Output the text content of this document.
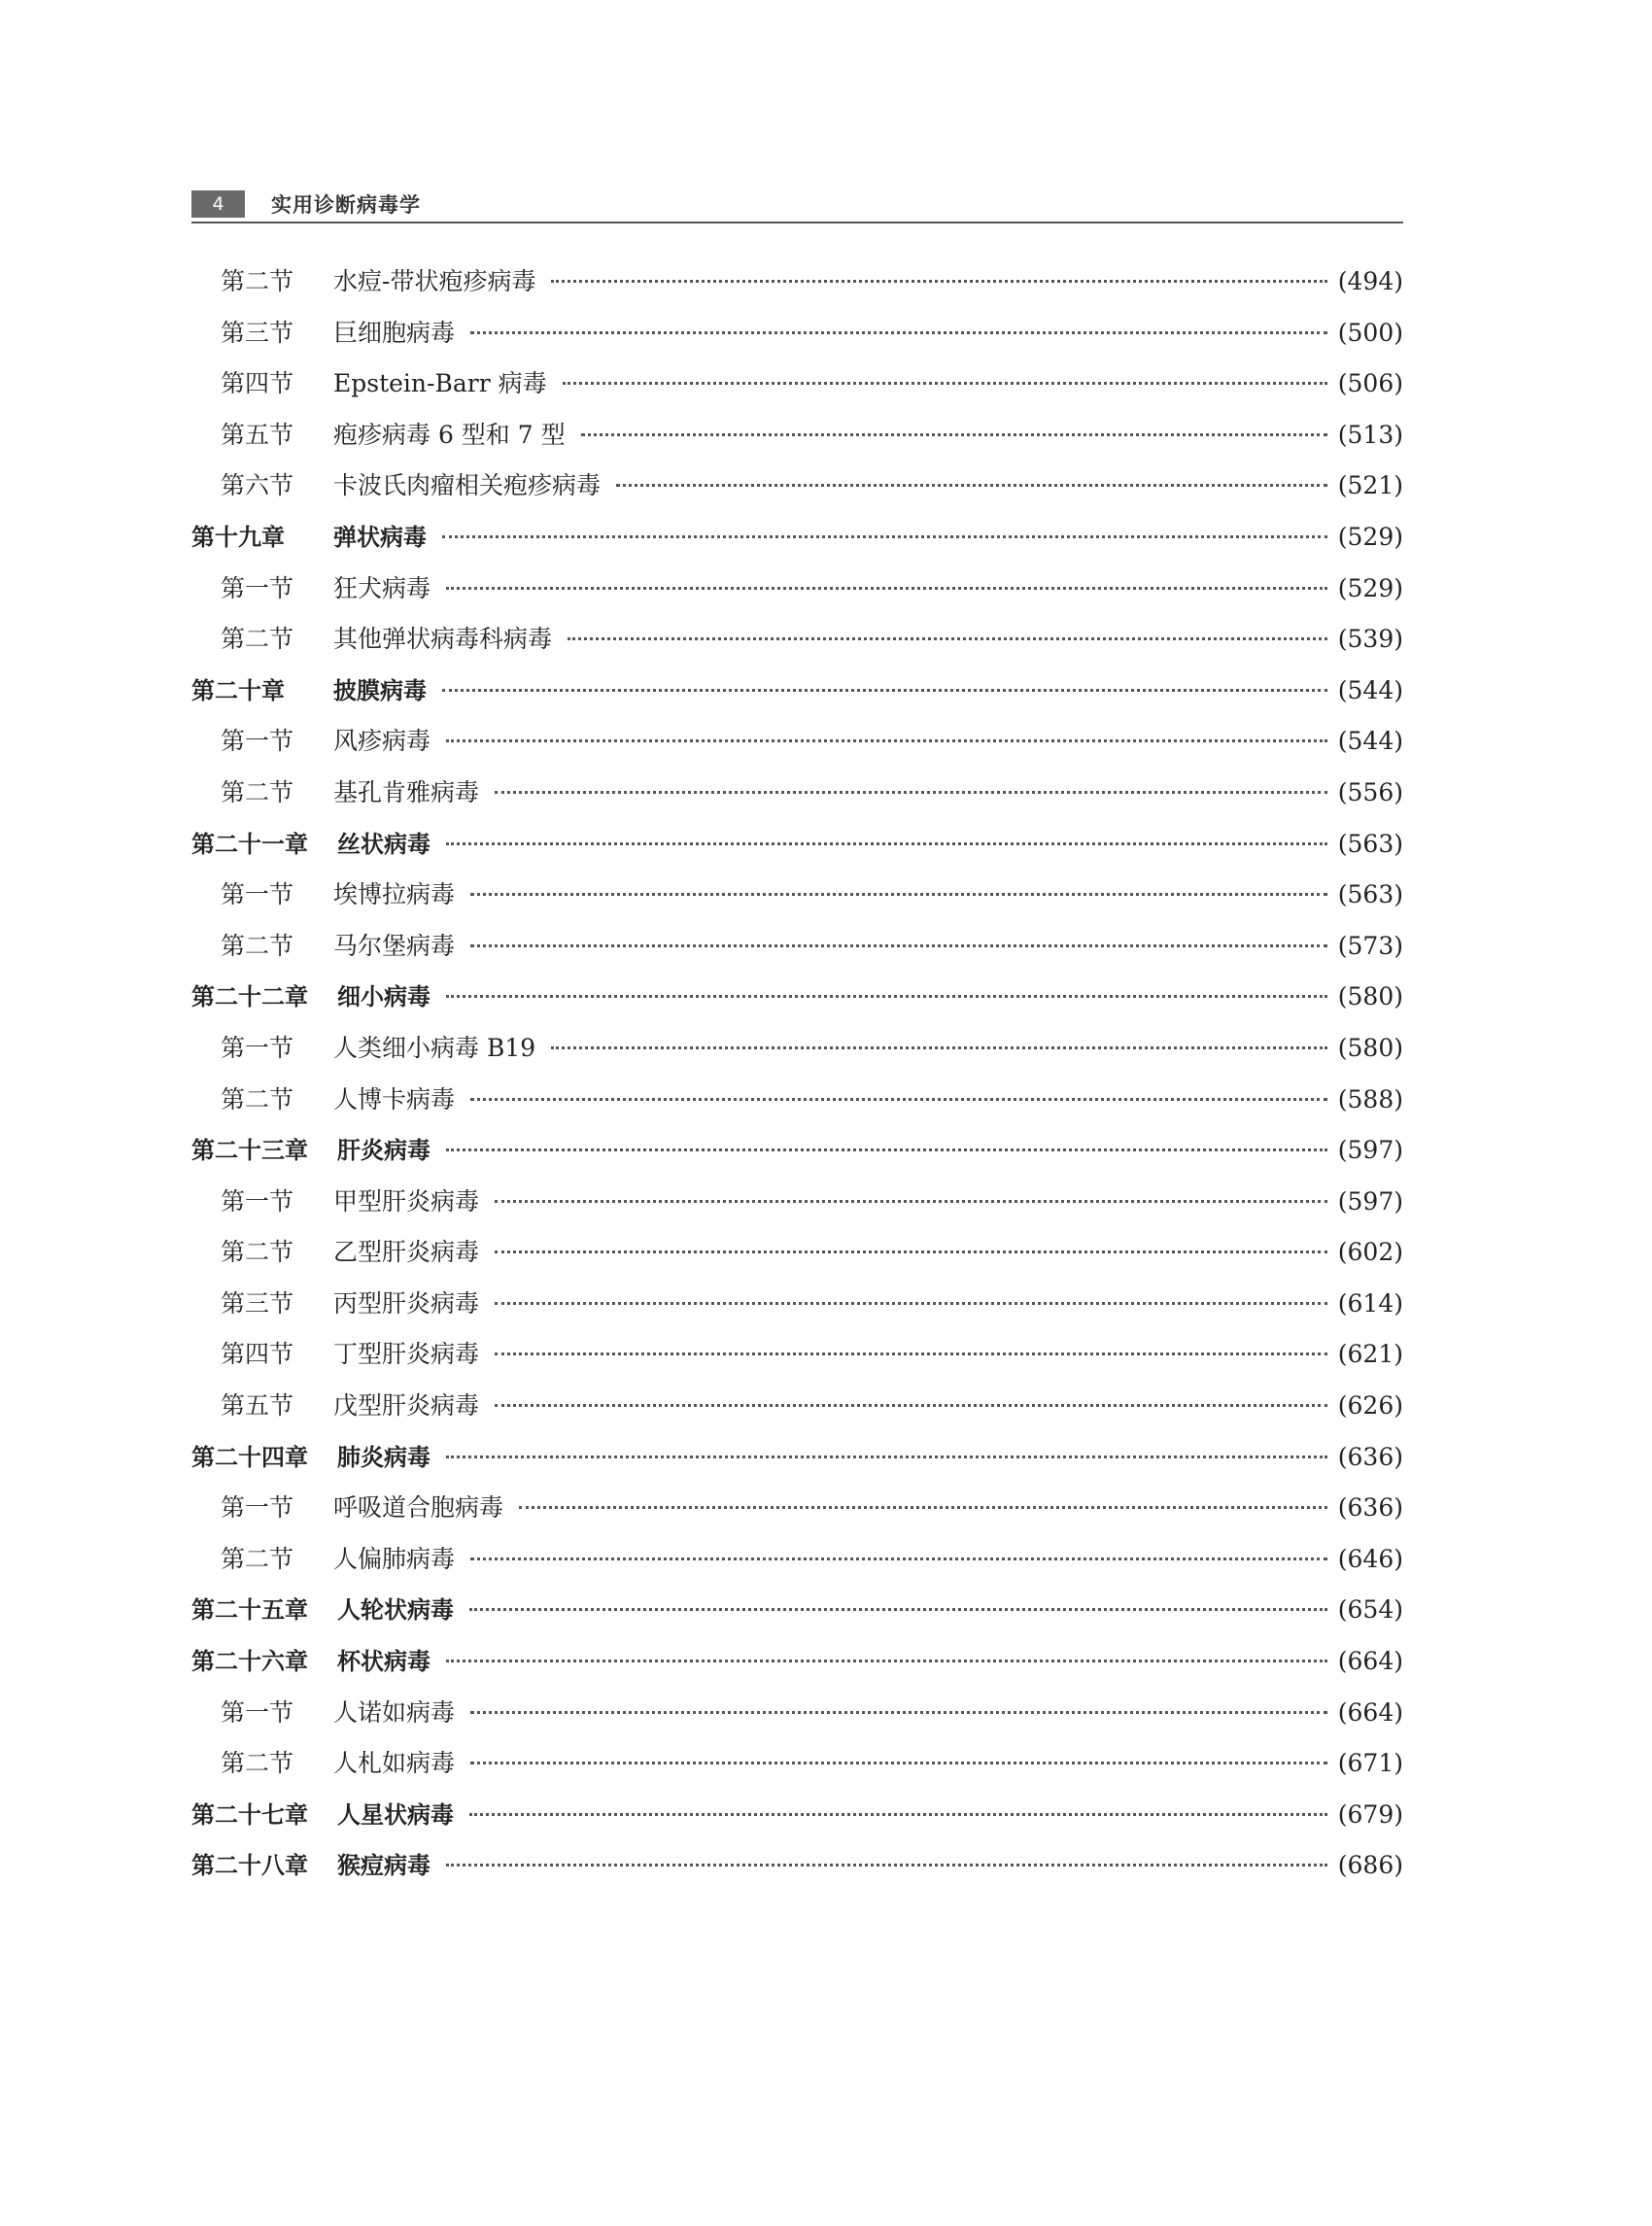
4	实用诊断病毒学
第二节	水痘-带状疱疹病毒	(494)
第三节	巨细胞病毒	(500)
第四节	Epstein-Barr 病毒	(506)
第五节	疱疹病毒 6 型和 7 型	(513)
第六节	卡波氏肉瘤相关疱疹病毒	(521)
第十九章	弹状病毒	(529)
第一节	狂犬病毒	(529)
第二节	其他弹状病毒科病毒	(539)
第二十章	披膜病毒	(544)
第一节	风疹病毒	(544)
第二节	基孔肯雅病毒	(556)
第二十一章 丝状病毒	(563)
第一节	埃博拉病毒	(563)
第二节	马尔堡病毒	(573)
第二十二章 细小病毒	(580)
第一节	人类细小病毒 B19	(580)
第二节	人博卡病毒	(588)
第二十三章 肝炎病毒	(597)
第一节	甲型肝炎病毒	(597)
第二节	乙型肝炎病毒	(602)
第三节	丙型肝炎病毒	(614)
第四节	丁型肝炎病毒	(621)
第五节	戊型肝炎病毒	(626)
第二十四章 肺炎病毒	(636)
第一节	呼吸道合胞病毒	(636)
第二节	人偏肺病毒	(646)
第二十五章 人轮状病毒	(654)
第二十六章 杯状病毒	(664)
第一节	人诺如病毒	(664)
第二节	人札如病毒	(671)
第二十七章 人星状病毒	(679)
第二十八章 猴痘病毒	(686)
